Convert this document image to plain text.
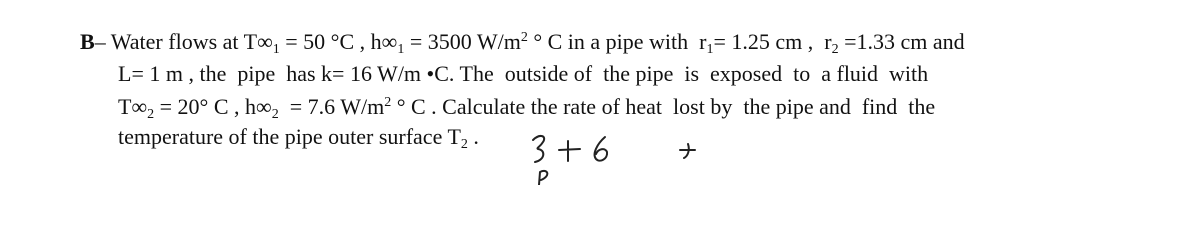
B– Water flows at $T\infty_1 = 50$ °C , $h\infty_1 = 3500$ $W/m^2$ ° C in a pipe with  $r_1= 1.25$ cm ,  $r_2 =1.33$ cm and
L= 1 m , the  pipe  has k= 16 W/m •C. The  outside of  the pipe  is  exposed  to  a fluid  with
$T\infty_2 = 20^\circ$ C , $h\infty_2 = 7.6$ $W/m^2$ ° C . Calculate the rate of heat  lost by  the pipe and  find  the
temperature of the pipe outer surface $T_2$ .
